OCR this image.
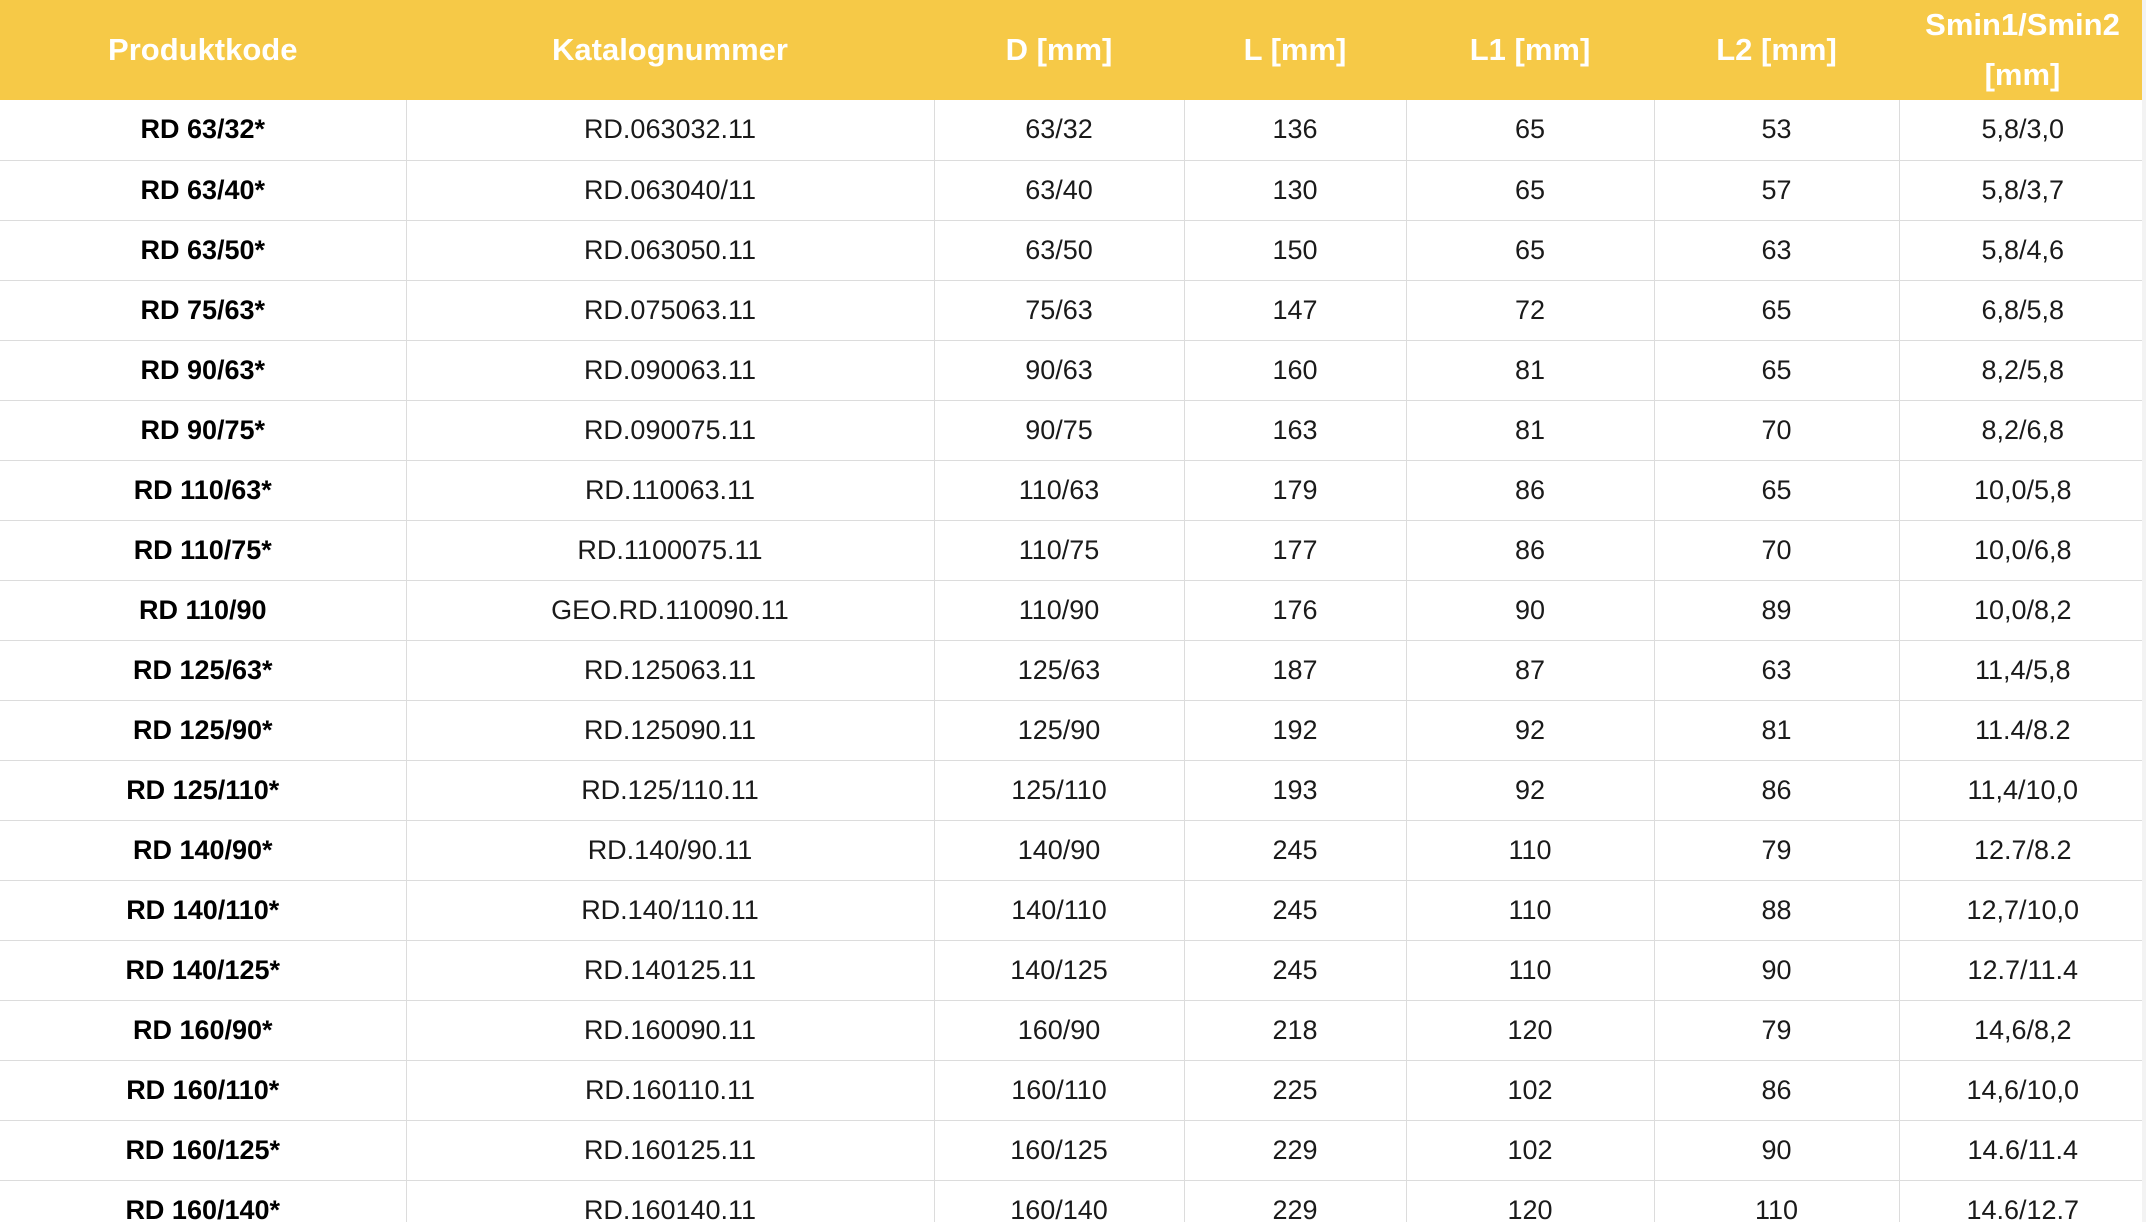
Produktkode	Katalognummer	D [mm]	L [mm]	L1 [mm]	L2 [mm]	Smin1/Smin2
[mm]
RD 63/32*	RD.063032.11	63/32	136	65	53	5,8/3,0
RD 63/40*	RD.063040/11	63/40	130	65	57	5,8/3,7
RD 63/50*	RD.063050.11	63/50	150	65	63	5,8/4,6
RD 75/63*	RD.075063.11	75/63	147	72	65	6,8/5,8
RD 90/63*	RD.090063.11	90/63	160	81	65	8,2/5,8
RD 90/75*	RD.090075.11	90/75	163	81	70	8,2/6,8
RD 110/63*	RD.110063.11	110/63	179	86	65	10,0/5,8
RD 110/75*	RD.1100075.11	110/75	177	86	70	10,0/6,8
RD 110/90	GEO.RD.110090.11	110/90	176	90	89	10,0/8,2
RD 125/63*	RD.125063.11	125/63	187	87	63	11,4/5,8
RD 125/90*	RD.125090.11	125/90	192	92	81	11.4/8.2
RD 125/110*	RD.125/110.11	125/110	193	92	86	11,4/10,0
RD 140/90*	RD.140/90.11	140/90	245	110	79	12.7/8.2
RD 140/110*	RD.140/110.11	140/110	245	110	88	12,7/10,0
RD 140/125*	RD.140125.11	140/125	245	110	90	12.7/11.4
RD 160/90*	RD.160090.11	160/90	218	120	79	14,6/8,2
RD 160/110*	RD.160110.11	160/110	225	102	86	14,6/10,0
RD 160/125*	RD.160125.11	160/125	229	102	90	14.6/11.4
RD 160/140*	RD.160140.11	160/140	229	120	110	14.6/12.7
